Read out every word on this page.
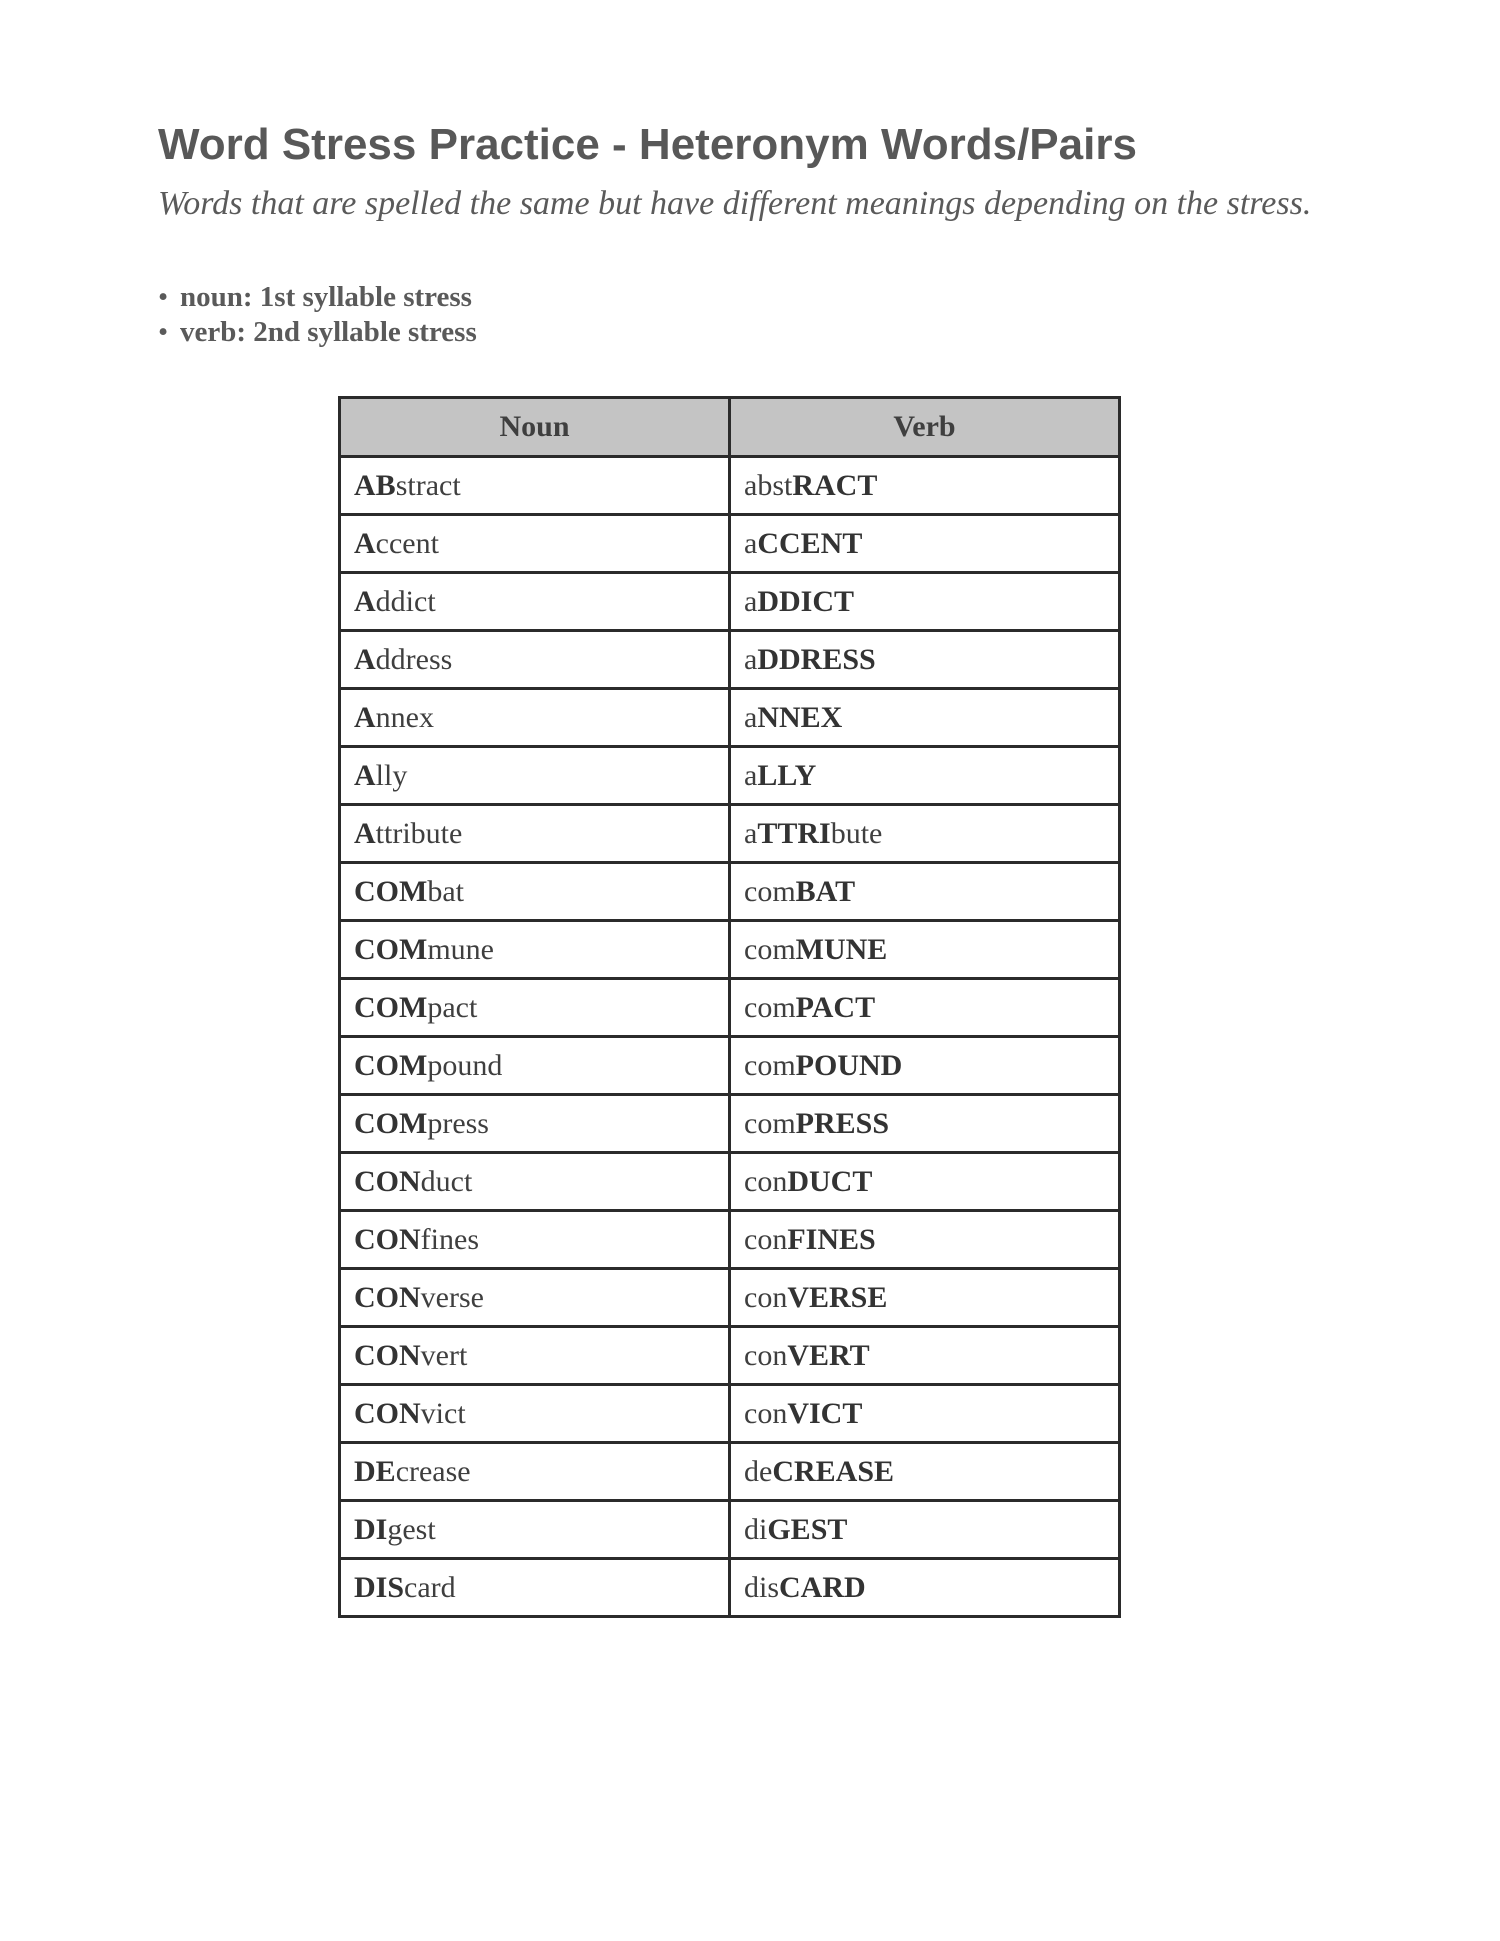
Word Stress Practice - Heteronym Words/Pairs

Words that are spelled the same but have different meanings depending on the stress.

• noun: 1st syllable stress
• verb: 2nd syllable stress
Noun	Verb
ABstract	abstRACT
Accent	aCCENT
Addict	aDDICT
Address	aDDRESS
Annex	aNNEX
Ally	aLLY
Attribute	aTTRIbute
COMbat	comBAT
COMmune	comMUNE
COMpact	comPACT
COMpound	comPOUND
COMpress	comPRESS
CONduct	conDUCT
CONfines	conFINES
CONverse	conVERSE
CONvert	conVERT
CONvict	conVICT
DEcrease	deCREASE
DIgest	diGEST
DIScard	disCARD
